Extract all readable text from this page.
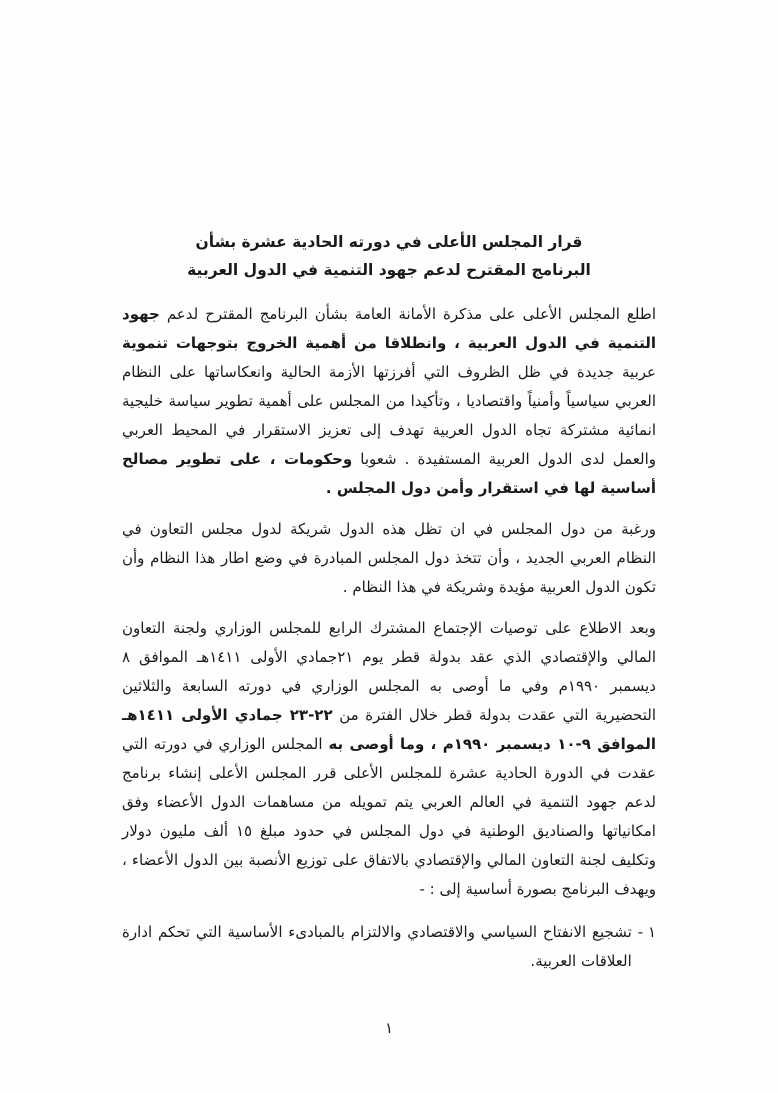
قرار المجلس الأعلى في دورته الحادية عشرة بشأن
البرنامج المقترح لدعم جهود التنمية في الدول العربية

اطلع المجلس الأعلى على مذكرة الأمانة العامة بشأن البرنامج المقترح لدعم جهود التنمية في الدول العربية ، وانطلاقا من أهمية الخروج بتوجهات تنموية عربية جديدة في ظل الظروف التي أفرزتها الأزمة الحالية وانعكاساتها على النظام العربي سياسياً وأمنياً واقتصاديا ، وتأكيدا من المجلس على أهمية تطوير سياسة خليجية انمائية مشتركة تجاه الدول العربية تهدف إلى تعزيز الاستقرار في المحيط العربي والعمل لدى الدول العربية المستفيدة . شعوبا وحكومات ، على تطوير مصالح أساسية لها في استقرار وأمن دول المجلس .

ورغبة من دول المجلس في ان تظل هذه الدول شريكة لدول مجلس التعاون في النظام العربي الجديد ، وأن تتخذ دول المجلس المبادرة في وضع اطار هذا النظام وأن تكون الدول العربية مؤيدة وشريكة في هذا النظام .

وبعد الاطلاع على توصيات الإجتماع المشترك الرابع للمجلس الوزاري ولجنة التعاون المالي والإقتصادي الذي عقد بدولة قطر يوم ٢١جمادي الأولى ١٤١١هـ الموافق ٨ ديسمبر ١٩٩٠م وفي ما أوصى به المجلس الوزاري في دورته السابعة والثلاثين التحضيرية التي عقدت بدولة قطر خلال الفترة من ٢٢-٢٣ جمادي الأولى ١٤١١هـ الموافق ٩-١٠ ديسمبر ١٩٩٠م ، وما أوصى به المجلس الوزاري في دورته التي عقدت في الدورة الحادية عشرة للمجلس الأعلى قرر المجلس الأعلى إنشاء برنامج لدعم جهود التنمية في العالم العربي يتم تمويله من مساهمات الدول الأعضاء وفق امكانياتها والصناديق الوطنية في دول المجلس في حدود مبلغ ١٥ ألف مليون دولار وتكليف لجنة التعاون المالي والإقتصادي بالاتفاق على توزيع الأنصبة بين الدول الأعضاء ، ويهدف البرنامج بصورة أساسية إلى : -

١ -
تشجيع الانفتاح السياسي والاقتصادي والالتزام بالمبادىء الأساسية التي تحكم ادارة العلاقات العربية.
١
